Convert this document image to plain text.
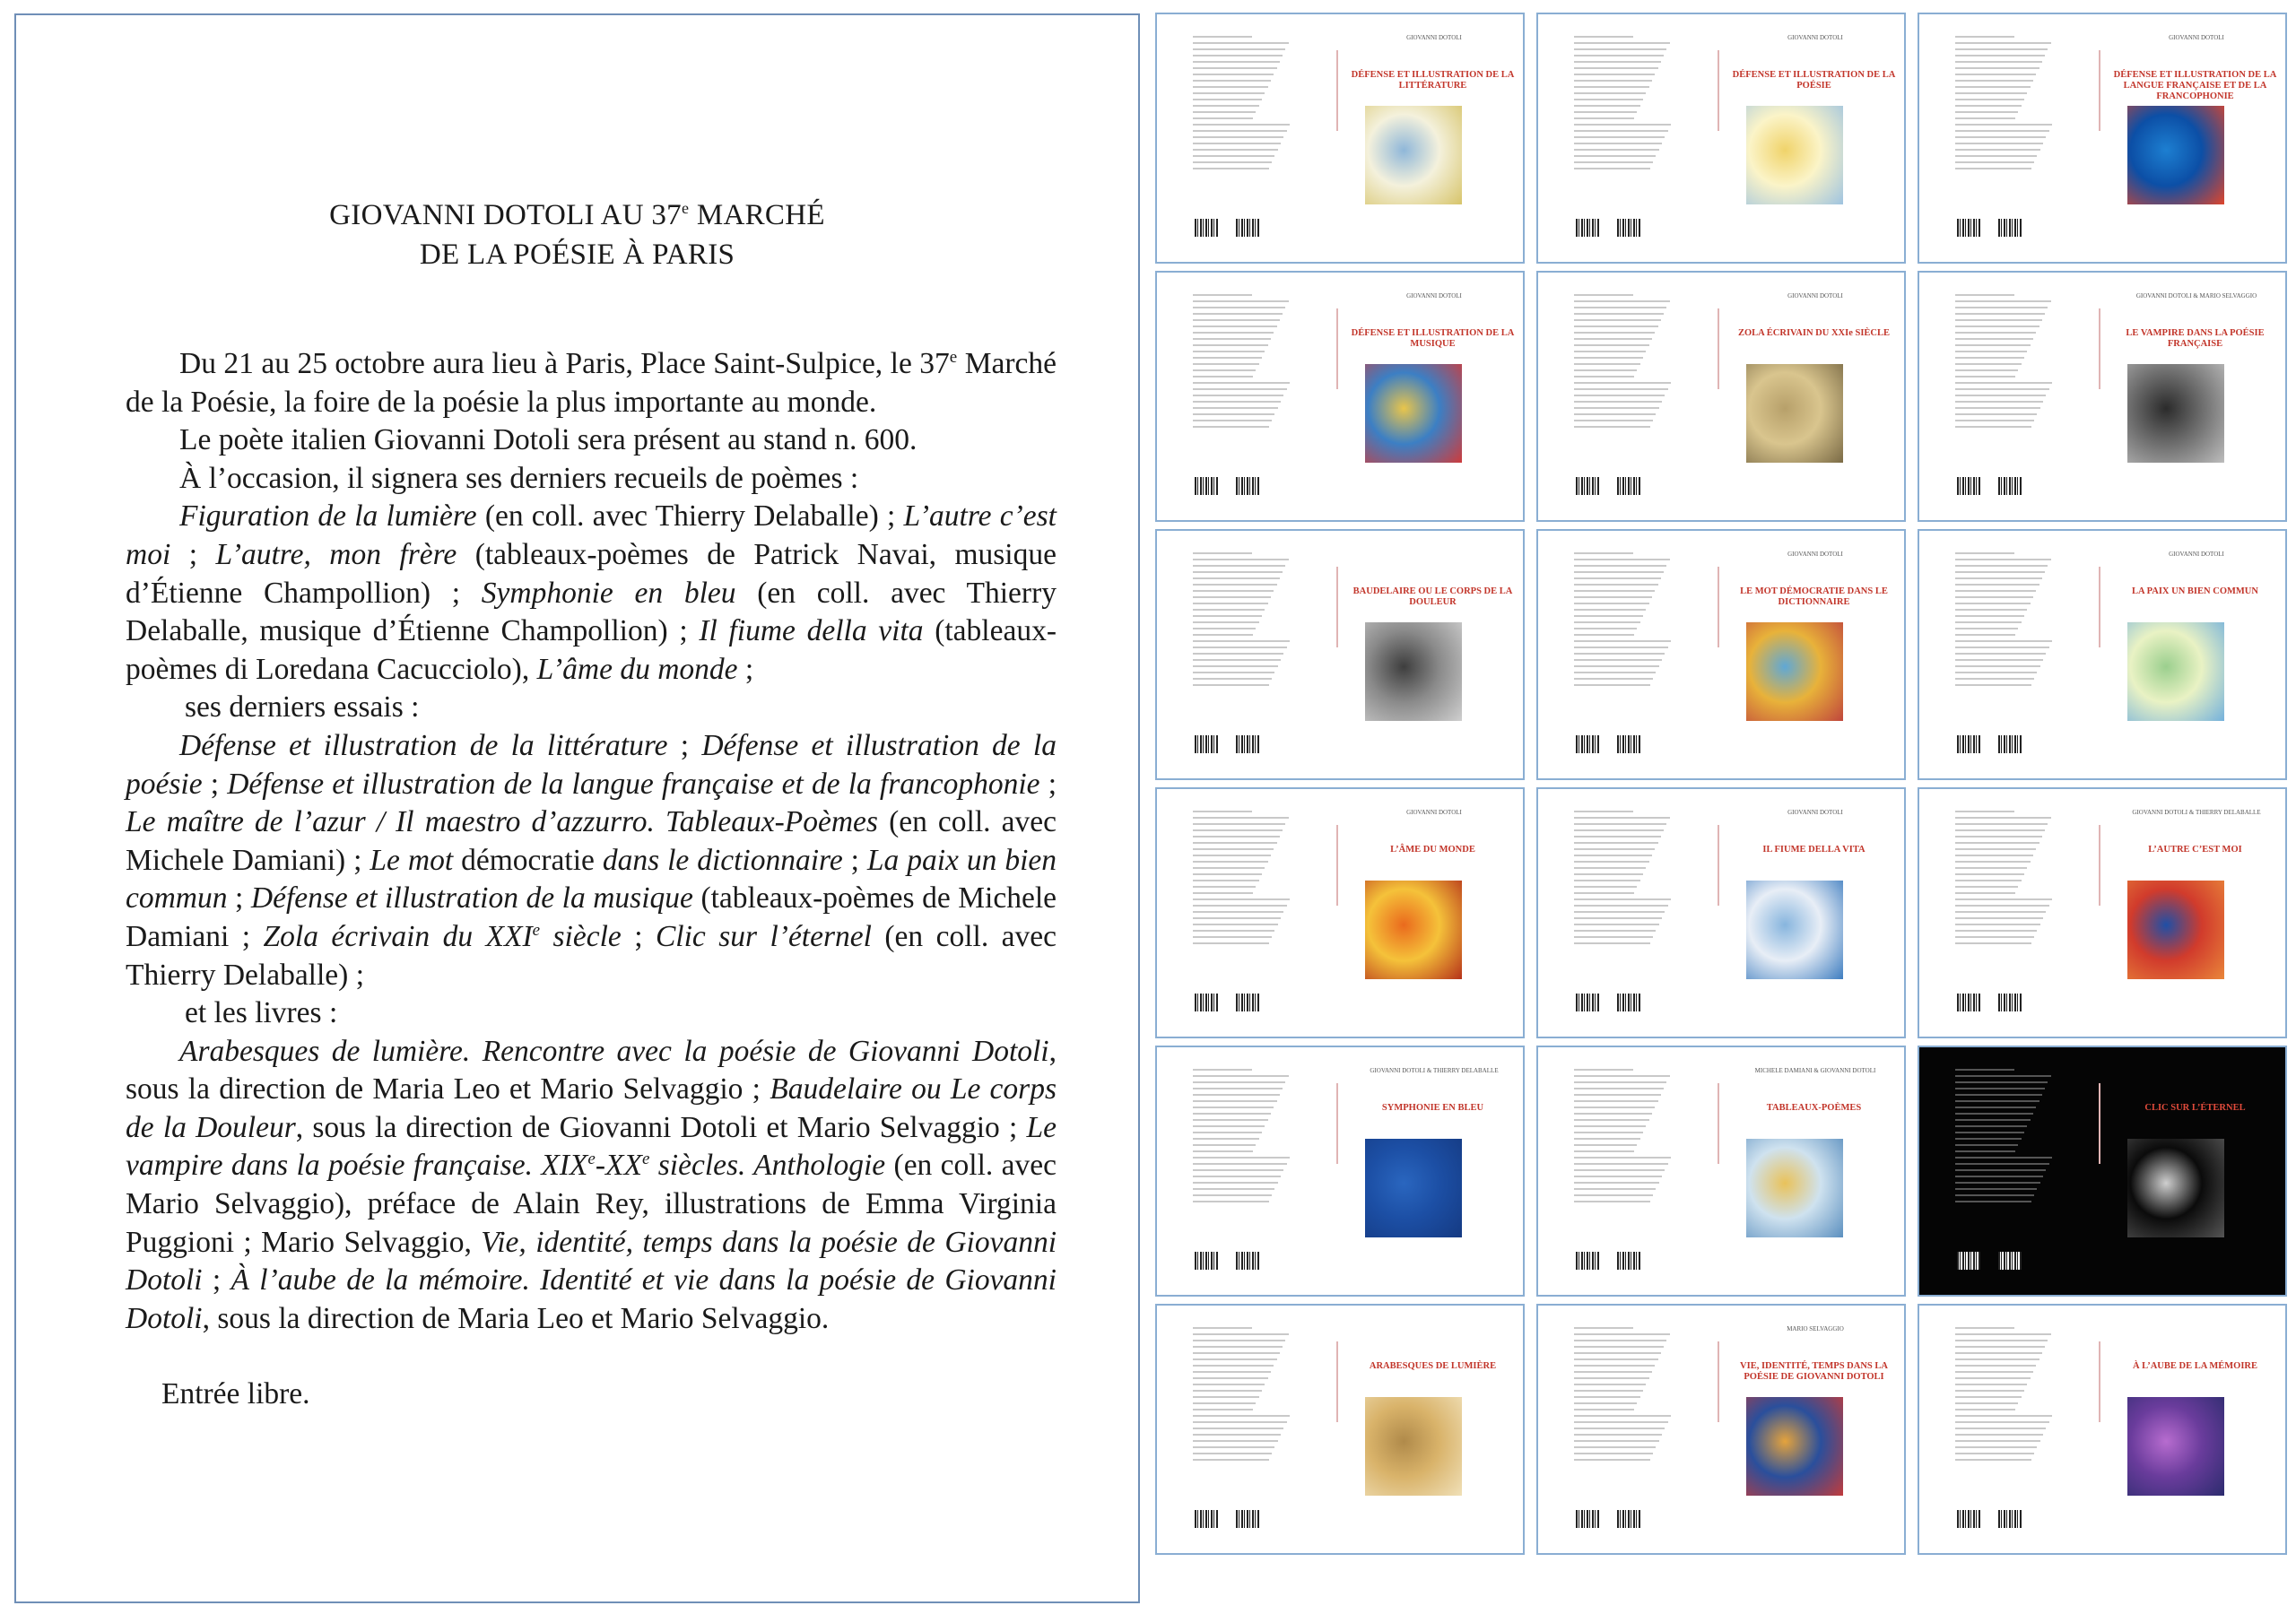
GIOVANNI DOTOLI AU 37e MARCHÉ
DE LA POÉSIE À PARIS

Du 21 au 25 octobre aura lieu à Paris, Place Saint-Sulpice, le 37e Marché de la Poésie, la foire de la poésie la plus importante au monde.

Le poète italien Giovanni Dotoli sera présent au stand n. 600.

À l’occasion, il signera ses derniers recueils de poèmes :

Figuration de la lumière (en coll. avec Thierry Delaballe) ; L’autre c’est moi ; L’autre, mon frère (tableaux-poèmes de Patrick Navai, musique d’Étienne Champollion) ; Symphonie en bleu (en coll. avec Thierry Delaballe, musique d’Étienne Champollion) ; Il fiume della vita (tableaux-poèmes di Loredana Cacucciolo), L’âme du monde ;

ses derniers essais :

Défense et illustration de la littérature ; Défense et illustration de la poésie ; Défense et illustration de la langue française et de la francophonie ; Le maître de l’azur / Il maestro d’azzurro. Tableaux-Poèmes (en coll. avec Michele Damiani) ; Le mot démocratie dans le dictionnaire ; La paix un bien commun ; Défense et illustration de la musique (tableaux-poèmes de Michele Damiani ; Zola écrivain du XXIe siècle ; Clic sur l’éternel (en coll. avec Thierry Delaballe) ;

et les livres :

Arabesques de lumière. Rencontre avec la poésie de Giovanni Dotoli, sous la direction de Maria Leo et Mario Selvaggio ; Baudelaire ou Le corps de la Douleur, sous la direction de Giovanni Dotoli et Mario Selvaggio ; Le vampire dans la poésie française. XIXe-XXe siècles. Anthologie (en coll. avec Mario Selvaggio), préface de Alain Rey, illustrations de Emma Virginia Puggioni ; Mario Selvaggio, Vie, identité, temps dans la poésie de Giovanni Dotoli ; À l’aube de la mémoire. Identité et vie dans la poésie de Giovanni Dotoli, sous la direction de Maria Leo et Mario Selvaggio.

Entrée libre.

GIOVANNI DOTOLI
DÉFENSE ET ILLUSTRATION DE LA LITTÉRATURE
GIOVANNI DOTOLI
DÉFENSE ET ILLUSTRATION DE LA POÉSIE
GIOVANNI DOTOLI
DÉFENSE ET ILLUSTRATION DE LA LANGUE FRANÇAISE ET DE LA FRANCOPHONIE
GIOVANNI DOTOLI
DÉFENSE ET ILLUSTRATION DE LA MUSIQUE
GIOVANNI DOTOLI
ZOLA ÉCRIVAIN DU XXIe SIÈCLE
GIOVANNI DOTOLI & MARIO SELVAGGIO
LE VAMPIRE DANS LA POÉSIE FRANÇAISE
BAUDELAIRE OU LE CORPS DE LA DOULEUR
GIOVANNI DOTOLI
LE MOT DÉMOCRATIE DANS LE DICTIONNAIRE
GIOVANNI DOTOLI
LA PAIX UN BIEN COMMUN
GIOVANNI DOTOLI
L’ÂME DU MONDE
GIOVANNI DOTOLI
IL FIUME DELLA VITA
GIOVANNI DOTOLI & THIERRY DELABALLE
L’AUTRE C’EST MOI
GIOVANNI DOTOLI & THIERRY DELABALLE
SYMPHONIE EN BLEU
MICHELE DAMIANI & GIOVANNI DOTOLI
TABLEAUX-POÈMES	CLIC SUR L’ÉTERNEL
ARABESQUES DE LUMIÈRE
MARIO SELVAGGIO
VIE, IDENTITÉ, TEMPS DANS LA POÉSIE DE GIOVANNI DOTOLI
À L’AUBE DE LA MÉMOIRE
